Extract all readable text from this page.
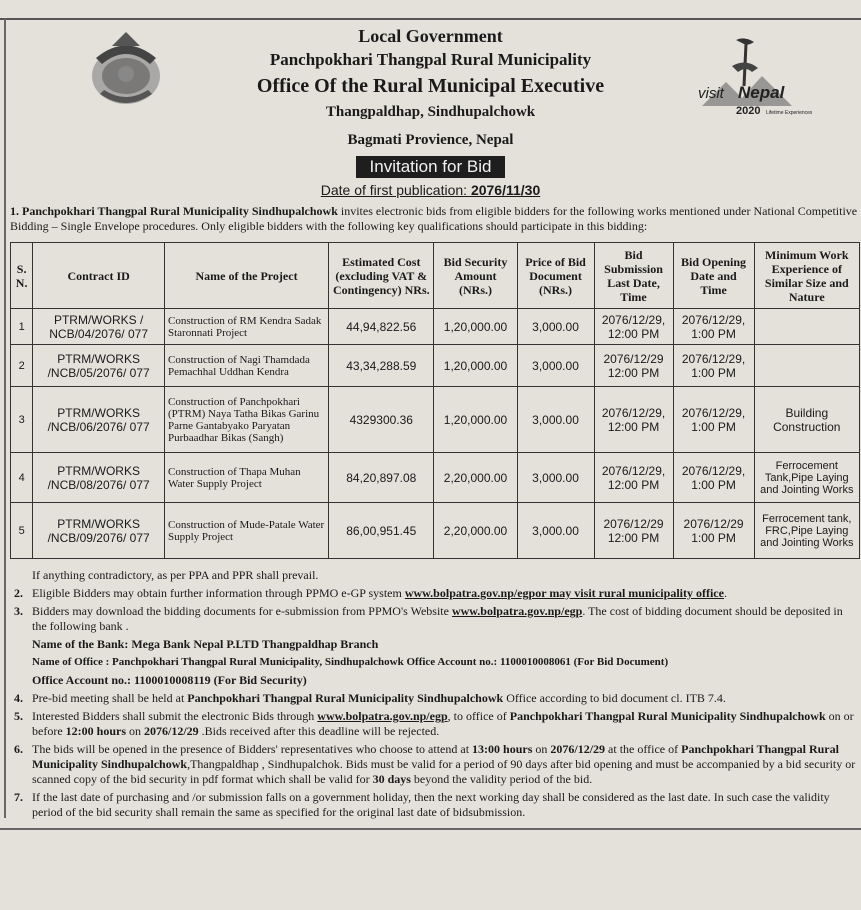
visit Nepal
2020 Lifetime Experiences
Local Government
Panchpokhari Thangpal Rural Municipality
Office Of the Rural Municipal Executive
Thangpaldhap, Sindhupalchowk
Bagmati Provience, Nepal
Invitation for Bid
Date of first publication: 2076/11/30
1. Panchpokhari Thangpal Rural Municipality Sindhupalchowk invites electronic bids from eligible bidders for the following works mentioned under National Competitive Bidding – Single Envelope procedures. Only eligible bidders with the following key qualifications should participate in this bidding:
S. N.	Contract ID	Name of the Project	Estimated Cost (excluding VAT & Contingency) NRs.	Bid Security Amount (NRs.)	Price of Bid Document (NRs.)	Bid Submission Last Date, Time	Bid Opening Date and Time	Minimum Work Experience of Similar Size and Nature
1	PTRM/WORKS / NCB/04/2076/ 077	Construction of RM Kendra Sadak Staronnati Project	44,94,822.56	1,20,000.00	3,000.00	2076/12/29, 12:00 PM	2076/12/29, 1:00 PM	
2	PTRM/WORKS /NCB/05/2076/ 077	Construction of Nagi Thamdada Pemachhal Uddhan Kendra	43,34,288.59	1,20,000.00	3,000.00	2076/12/29 12:00 PM	2076/12/29, 1:00 PM	
3	PTRM/WORKS /NCB/06/2076/ 077	Construction of Panchpokhari (PTRM) Naya Tatha Bikas Garinu Parne Gantabyako Paryatan Purbaadhar Bikas (Sangh)	4329300.36	1,20,000.00	3,000.00	2076/12/29, 12:00 PM	2076/12/29, 1:00 PM	Building Construction
4	PTRM/WORKS /NCB/08/2076/ 077	Construction of Thapa Muhan Water Supply Project	84,20,897.08	2,20,000.00	3,000.00	2076/12/29, 12:00 PM	2076/12/29, 1:00 PM	Ferrocement Tank,Pipe Laying and Jointing Works
5	PTRM/WORKS /NCB/09/2076/ 077	Construction of Mude-Patale Water Supply Project	86,00,951.45	2,20,000.00	3,000.00	2076/12/29 12:00 PM	2076/12/29 1:00 PM	Ferrocement tank, FRC,Pipe Laying and Jointing Works

If anything contradictory, as per PPA and PPR shall prevail.

2. Eligible Bidders may obtain further information through PPMO e-GP system www.bolpatra.gov.np/egpor may visit rural municipality office.

3. Bidders may download the bidding documents for e-submission from PPMO's Website www.bolpatra.gov.np/egp. The cost of bidding document should be deposited in the following bank .

Name of the Bank: Mega Bank Nepal P.LTD Thangpaldhap Branch

Name of Office : Panchpokhari Thangpal Rural Municipality, Sindhupalchowk Office Account no.: 1100010008061 (For Bid Document)

Office Account no.: 1100010008119 (For Bid Security)

4. Pre-bid meeting shall be held at Panchpokhari Thangpal Rural Municipality Sindhupalchowk Office according to bid document cl. ITB 7.4.

5. Interested Bidders shall submit the electronic Bids through www.bolpatra.gov.np/egp, to office of Panchpokhari Thangpal Rural Municipality Sindhupalchowk on or before 12:00 hours on 2076/12/29 .Bids received after this deadline will be rejected.

6. The bids will be opened in the presence of Bidders' representatives who choose to attend at 13:00 hours on 2076/12/29 at the office of Panchpokhari Thangpal Rural Municipality Sindhupalchowk,Thangpaldhap , Sindhupalchok. Bids must be valid for a period of 90 days after bid opening and must be accompanied by a bid security or scanned copy of the bid security in pdf format which shall be valid for 30 days beyond the validity period of the bid.

7. If the last date of purchasing and /or submission falls on a government holiday, then the next working day shall be considered as the last date. In such case the validity period of the bid security shall remain the same as specified for the original last date of bidsubmission.
